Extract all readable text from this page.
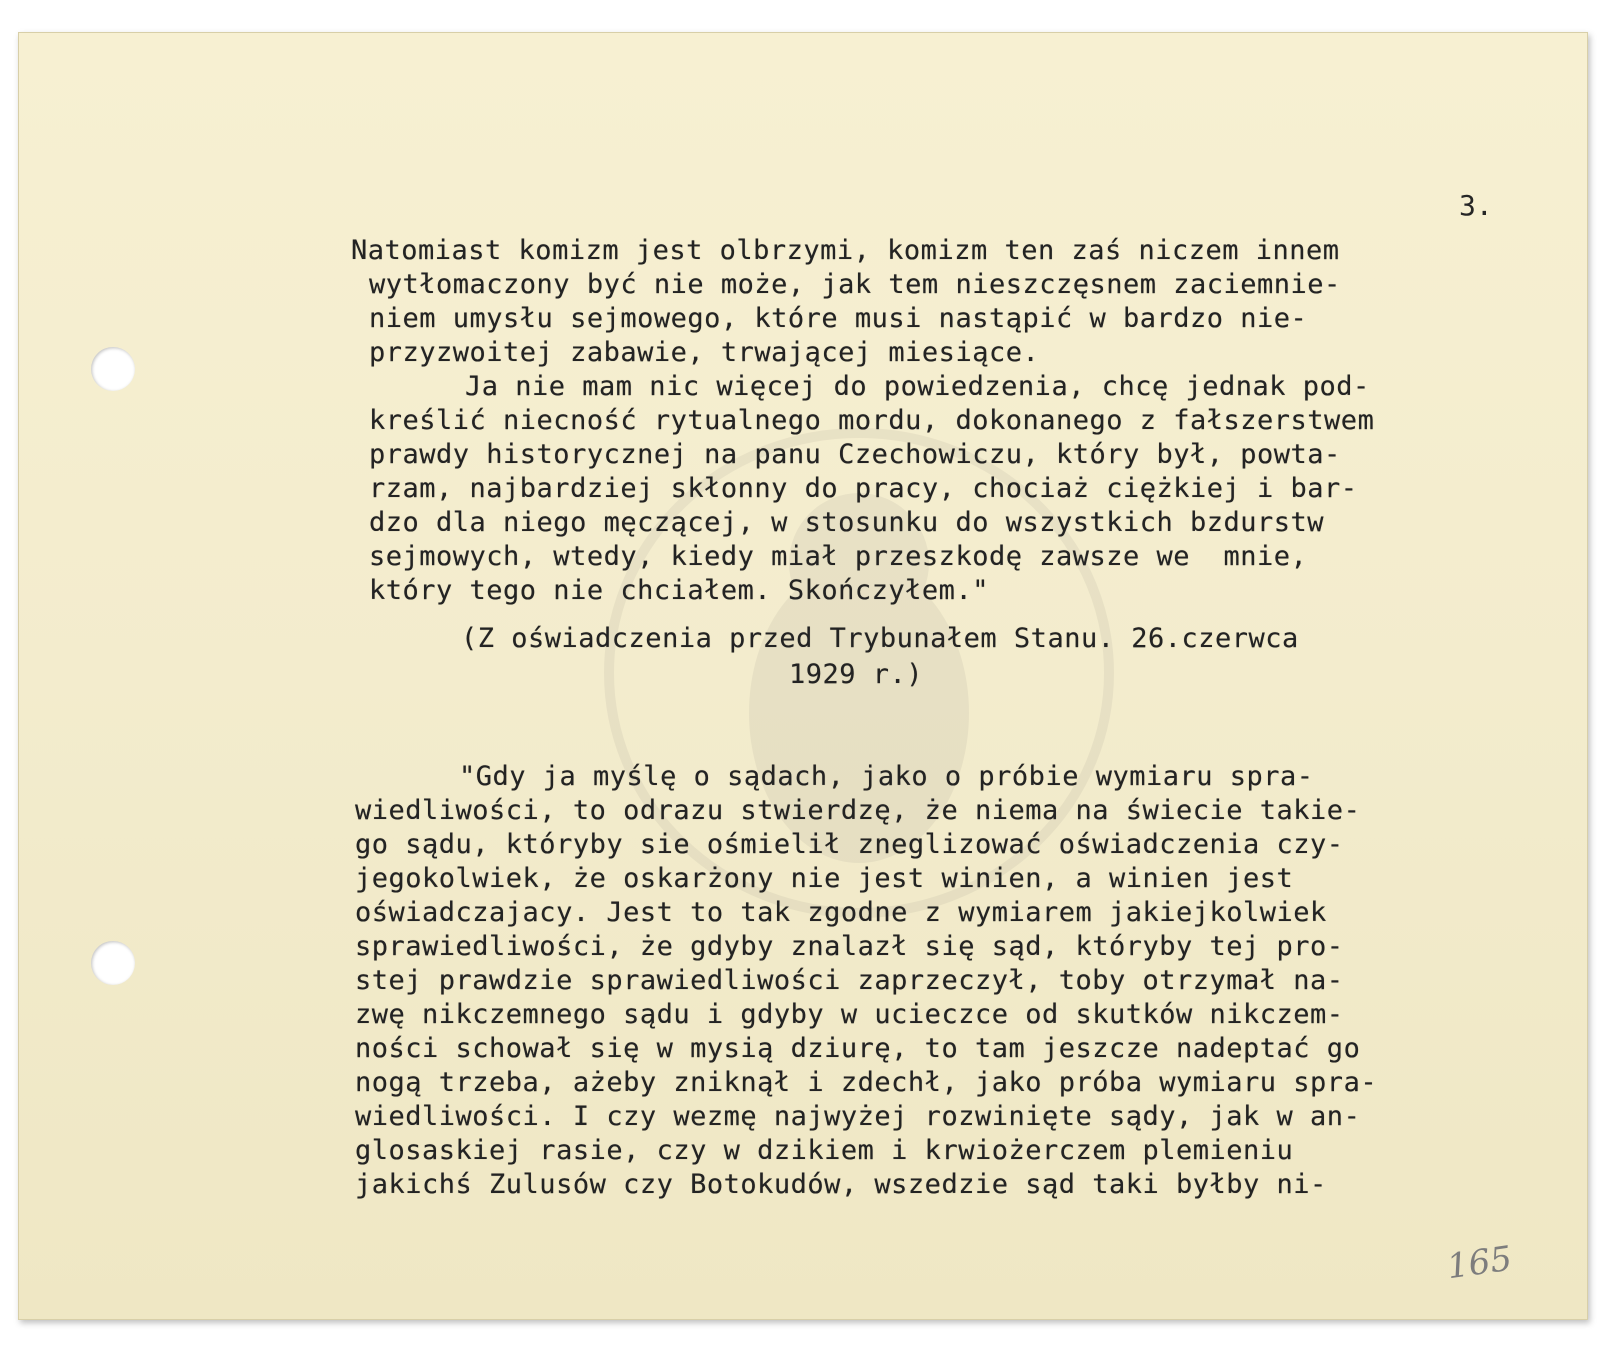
3.
Natomiast komizm jest olbrzymi, komizm ten zaś niczem innem
wytłomaczony być nie może, jak tem nieszczęsnem zaciemnie-
niem umysłu sejmowego, które musi nastąpić w bardzo nie-
przyzwoitej zabawie, trwającej miesiące.
Ja nie mam nic więcej do powiedzenia, chcę jednak pod-
kreślić niecność rytualnego mordu, dokonanego z fałszerstwem
prawdy historycznej na panu Czechowiczu, który był, powta-
rzam, najbardziej skłonny do pracy, chociaż ciężkiej i bar-
dzo dla niego męczącej, w stosunku do wszystkich bzdurstw
sejmowych, wtedy, kiedy miał przeszkodę zawsze we  mnie,
który tego nie chciałem. Skończyłem."
(Z oświadczenia przed Trybunałem Stanu. 26.czerwca
1929 r.)
"Gdy ja myślę o sądach, jako o próbie wymiaru spra-
wiedliwości, to odrazu stwierdzę, że niema na świecie takie-
go sądu, któryby sie ośmielił zneglizować oświadczenia czy-
jegokolwiek, że oskarżony nie jest winien, a winien jest
oświadczajacy. Jest to tak zgodne z wymiarem jakiejkolwiek
sprawiedliwości, że gdyby znalazł się sąd, któryby tej pro-
stej prawdzie sprawiedliwości zaprzeczył, toby otrzymał na-
zwę nikczemnego sądu i gdyby w ucieczce od skutków nikczem-
ności schował się w mysią dziurę, to tam jeszcze nadeptać go
nogą trzeba, ażeby zniknął i zdechł, jako próba wymiaru spra-
wiedliwości. I czy wezmę najwyżej rozwinięte sądy, jak w an-
glosaskiej rasie, czy w dzikiem i krwiożerczem plemieniu
jakichś Zulusów czy Botokudów, wszedzie sąd taki byłby ni-
165
